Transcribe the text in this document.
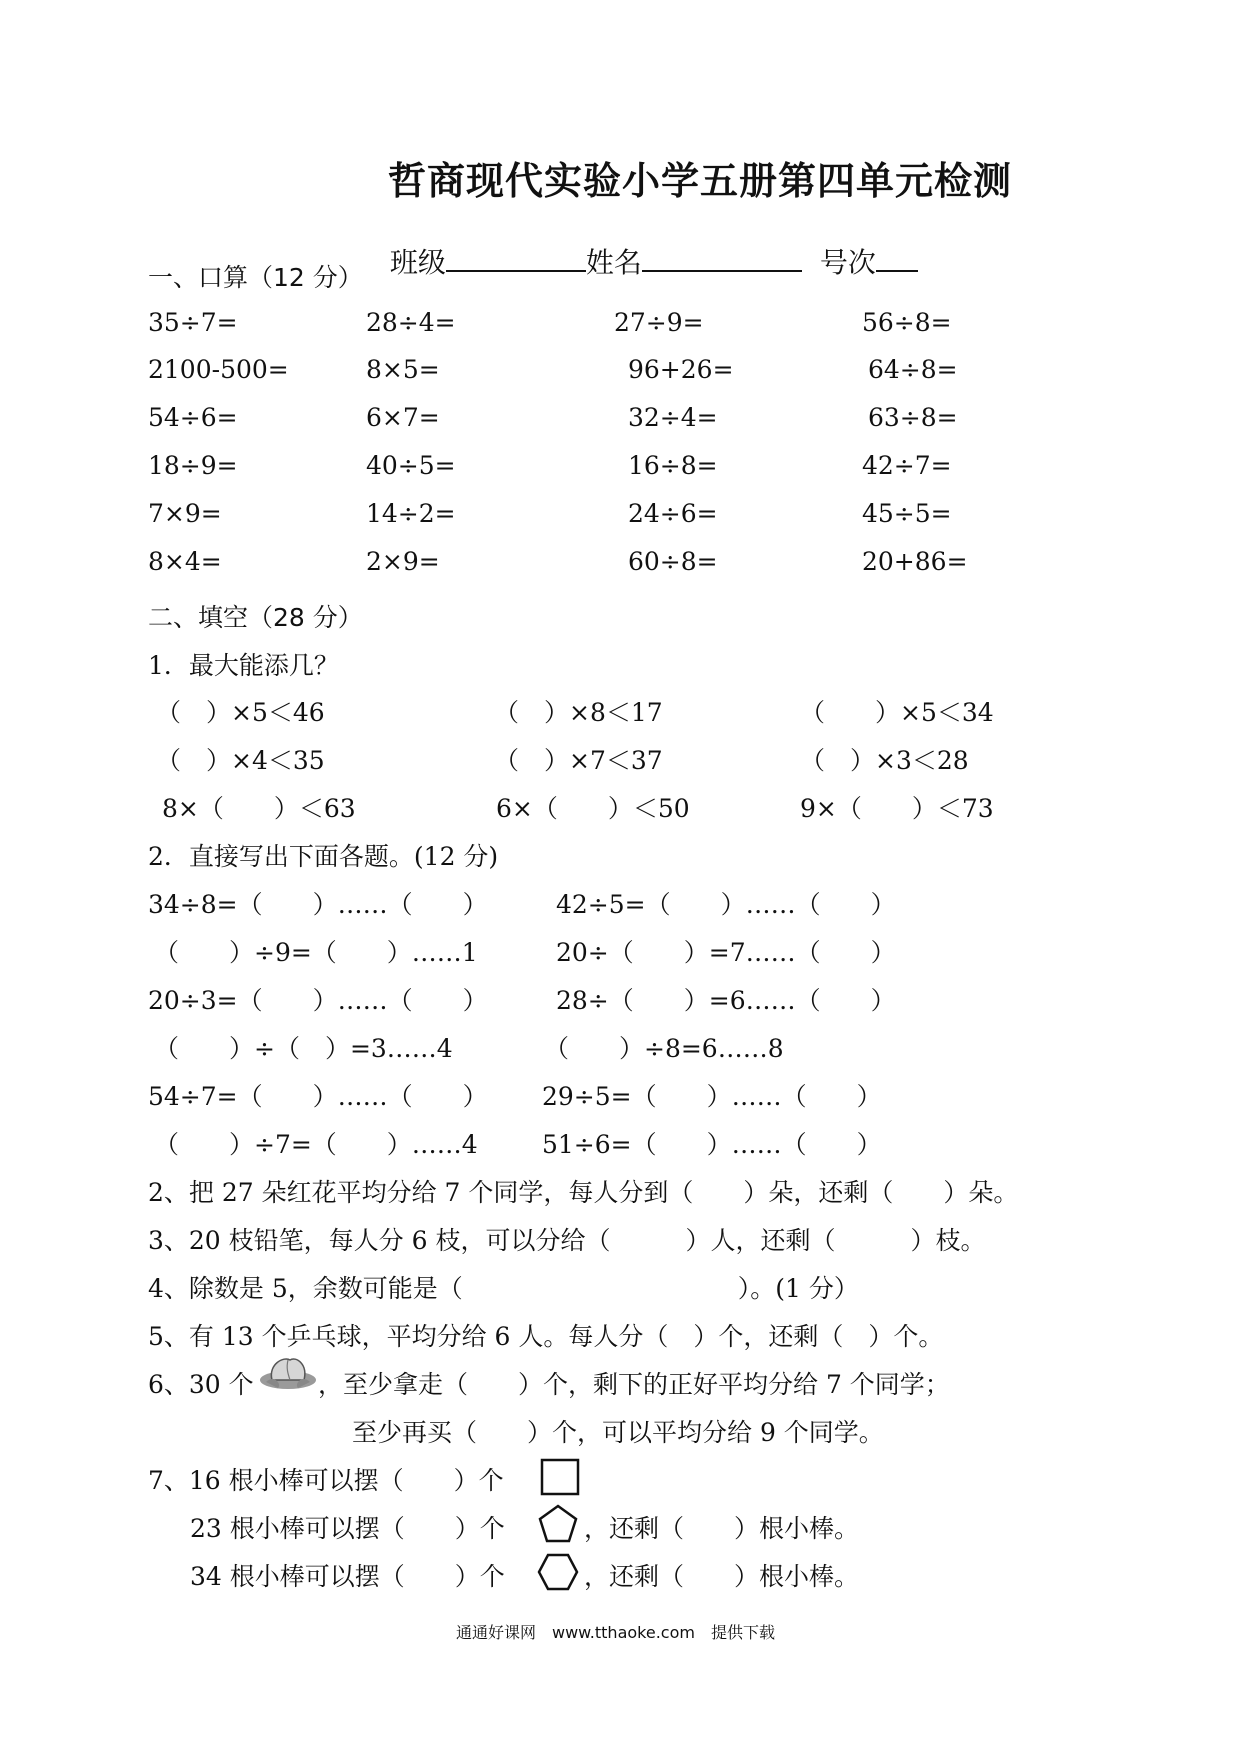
哲商现代实验小学五册第四单元检测

班级	姓名	号次

一、口算（12 分）
35÷7=	28÷4=	27÷9=	56÷8=
2100-500=	8×5=	96+26=	64÷8=
54÷6=	6×7=	32÷4=	63÷8=
18÷9=	40÷5=	16÷8=	42÷7=
7×9=	14÷2=	24÷6=	45÷5=
8×4=	2×9=	60÷8=	20+86=
二、填空（28 分）
1．最大能添几？
（　）×5＜46	（　）×8＜17	（　　）×5＜34
（　）×4＜35	（　）×7＜37	（　）×3＜28
8×（　　）＜63	6×（　　）＜50	9×（　　）＜73
2．直接写出下面各题。(12 分)
34÷8=（　　）……（　　）	42÷5=（　　）……（　　）
（　　）÷9=（　　）……1	20÷（　　）=7……（　　）
20÷3=（　　）……（　　）	28÷（　　）=6……（　　）
（　　）÷（　）=3……4	（　　）÷8=6……8
54÷7=（　　）……（　　） 29÷5=（　　）……（　　）
（　　）÷7=（　　）……4	51÷6=（　　）……（　　）
2、把 27 朵红花平均分给 7 个同学，每人分到（　　）朵，还剩（　　）朵。
3、20 枝铅笔，每人分 6 枝，可以分给（　　　）人，还剩（　　　）枝。
4、除数是 5，余数可能是（　　　　　　　　　　　）。(1 分）
5、有 13 个乒乓球，平均分给 6 人。每人分（　）个，还剩（　）个。
6、30 个	，至少拿走（　　）个，剩下的正好平均分给 7 个同学；
至少再买（　　）个，可以平均分给 9 个同学。
7、16 根小棒可以摆（　　）个
23 根小棒可以摆（　　）个	，还剩（　　）根小棒。
34 根小棒可以摆（　　）个	，还剩（　　）根小棒。
通通好课网　www.tthaoke.com　提供下载
